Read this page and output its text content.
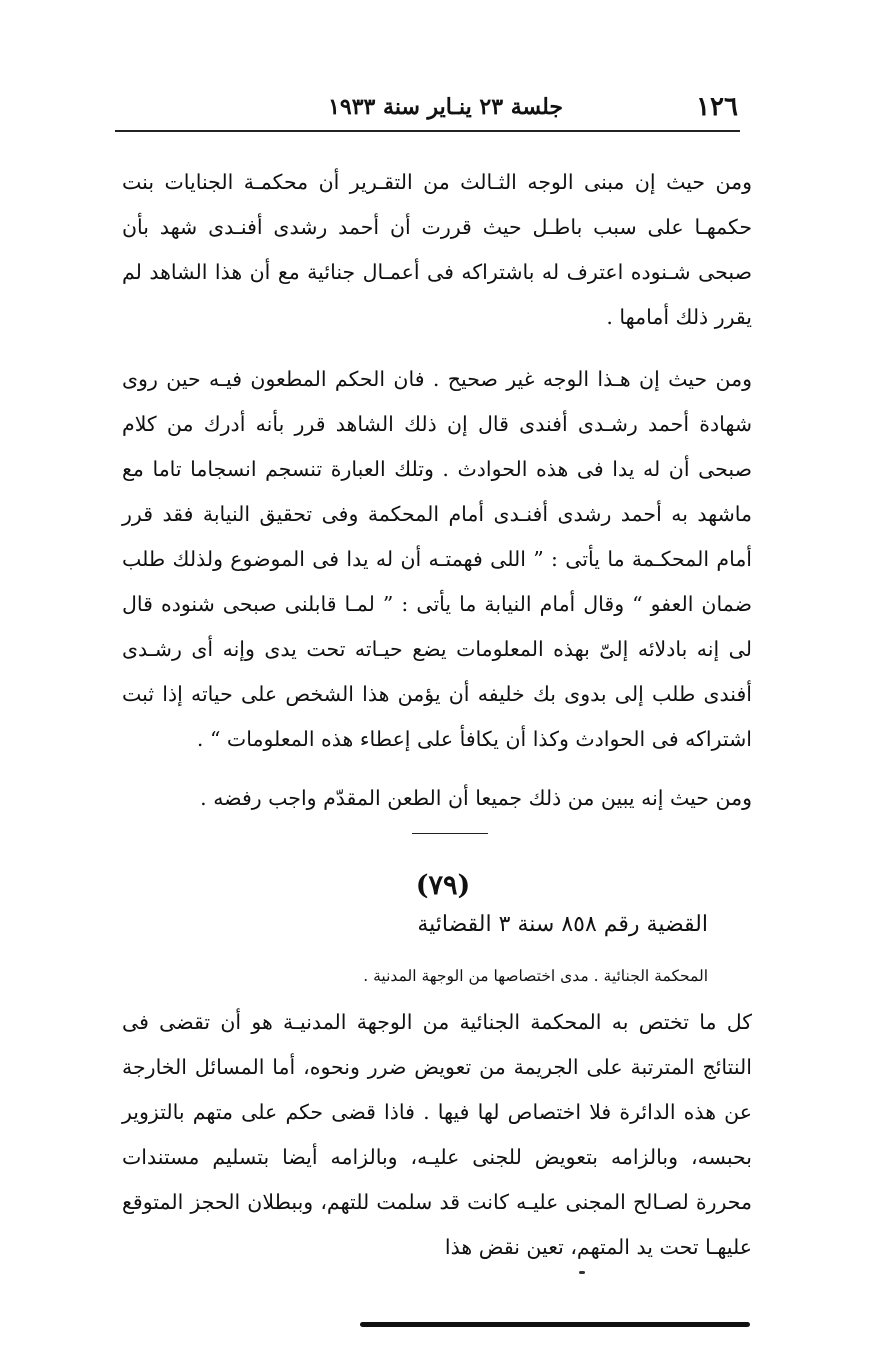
١٢٦
جلسة ٢٣ ينـاير سنة ١٩٣٣
ومن حيث إن مبنى الوجه الثـالث من التقـرير أن محكمـة الجنايات بنت حكمهـا على سبب باطـل حيث قررت أن أحمد رشدى أفنـدى شهد بأن صبحى شـنوده اعترف له باشتراكه فى أعمـال جنائية مع أن هذا الشاهد لم يقرر ذلك أمامها .
ومن حيث إن هـذا الوجه غير صحيح . فان الحكم المطعون فيـه حين روى شهادة أحمد رشـدى أفندى قال إن ذلك الشاهد قرر بأنه أدرك من كلام صبحى أن له يدا فى هذه الحوادث . وتلك العبارة تنسجم انسجاما تاما مع ماشهد به أحمد رشدى أفنـدى أمام المحكمة وفى تحقيق النيابة فقد قرر أمام المحكـمة ما يأتى : ” اللى فهمتـه أن له يدا فى الموضوع ولذلك طلب ضمان العفو “ وقال أمام النيابة ما يأتى : ” لمـا قابلنى صبحى شنوده قال لى إنه بادلائه إلىّ بهذه المعلومات يضع حيـاته تحت يدى وإنه أى رشـدى أفندى طلب إلى بدوى بك خليفه أن يؤمن هذا الشخص على حياته إذا ثبت اشتراكه فى الحوادث وكذا أن يكافأ على إعطاء هذه المعلومات “ .
ومن حيث إنه يبين من ذلك جميعا أن الطعن المقدّم واجب رفضه .
(٧٩)
القضية رقم ٨٥٨ سنة ٣ القضائية
المحكمة الجنائية . مدى اختصاصها من الوجهة المدنية .
كل ما تختص به المحكمة الجنائية من الوجهة المدنيـة هو أن تقضى فى النتائج المترتبة على الجريمة من تعويض ضرر ونحوه، أما المسائل الخارجة عن هذه الدائرة فلا اختصاص لها فيها . فاذا قضى حكم على متهم بالتزوير بحبسه، وبالزامه بتعويض للجنى عليـه، وبالزامه أيضا بتسليم مستندات محررة لصـالح المجنى عليـه كانت قد سلمت للتهم، وببطلان الحجز المتوقع عليهـا تحت يد المتهم، تعين نقض هذا
